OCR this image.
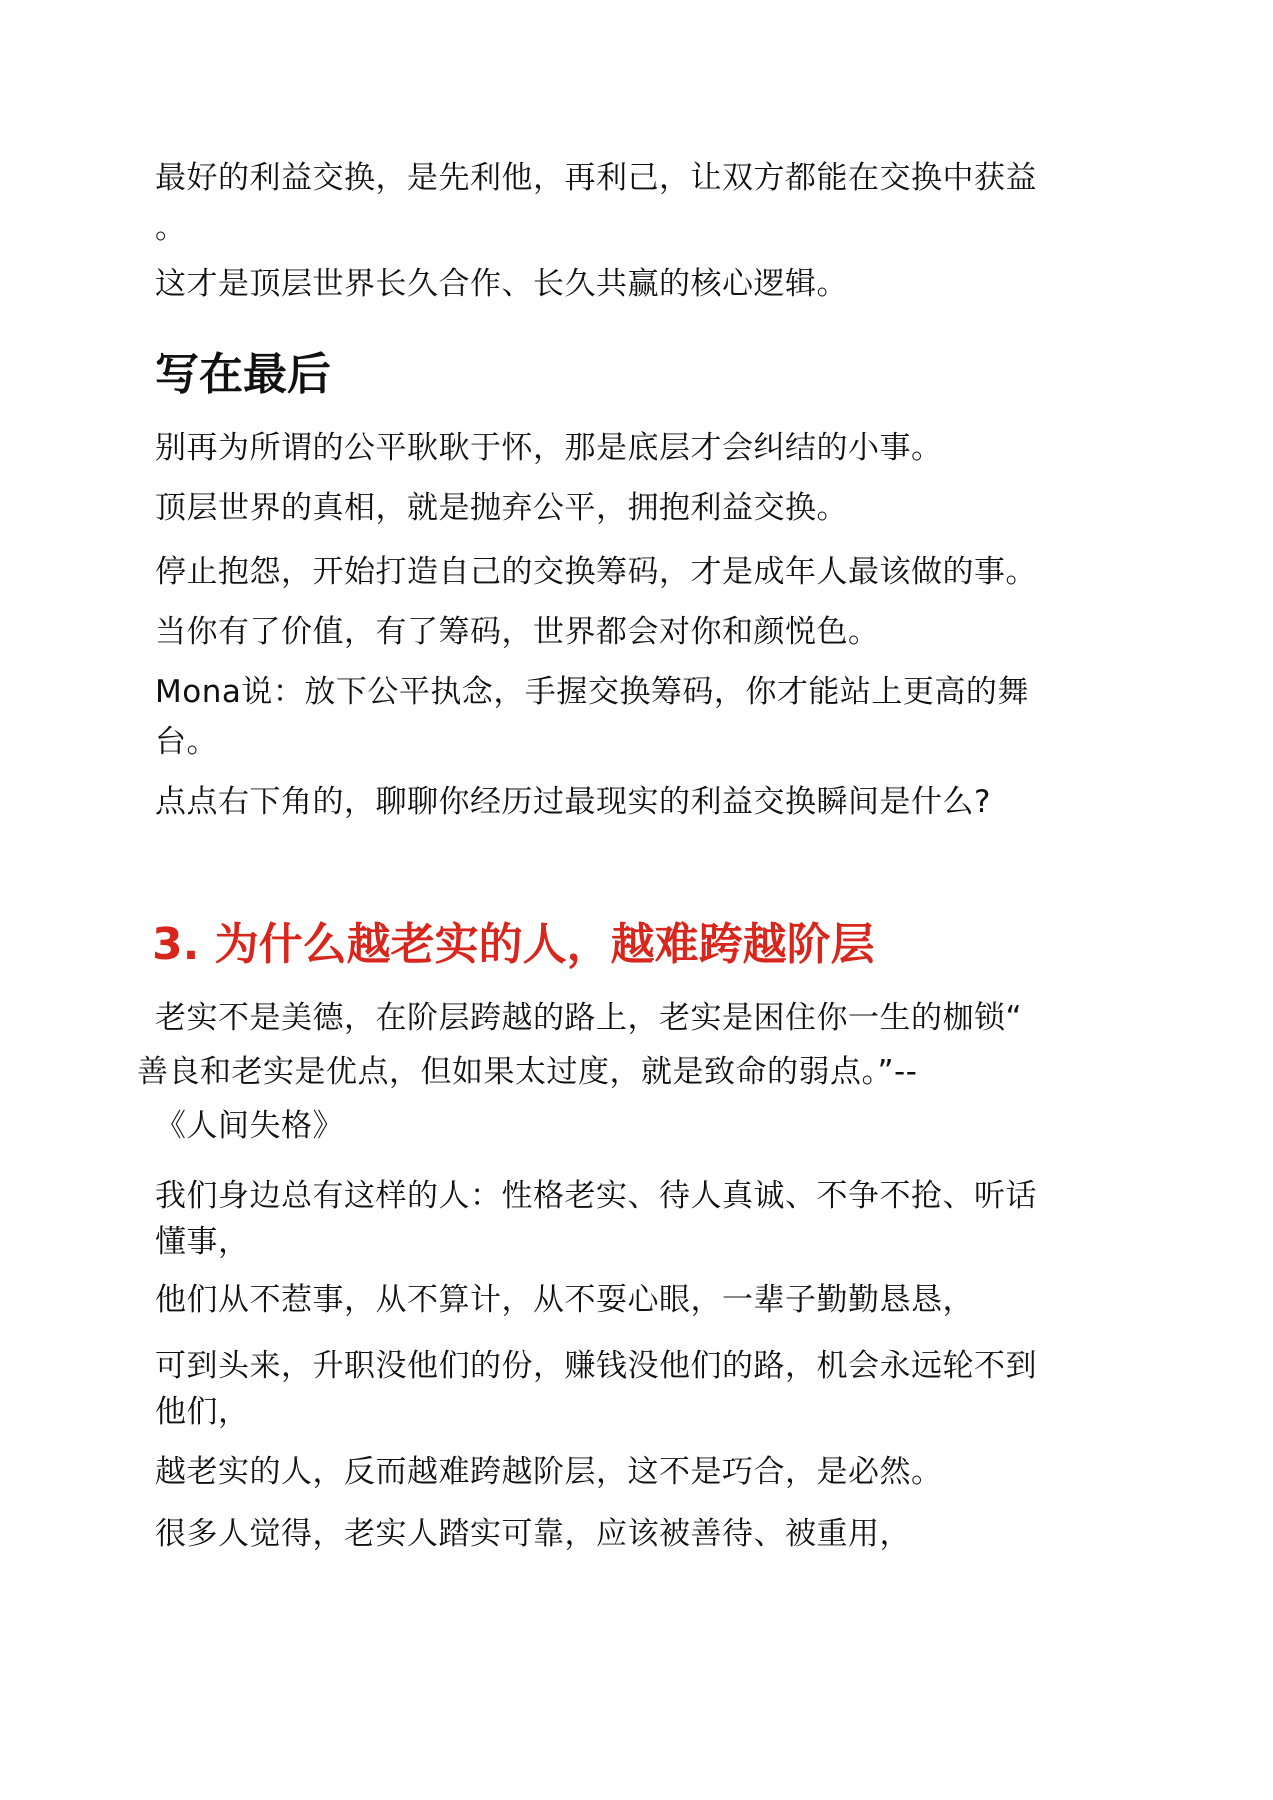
最好的利益交换，是先利他，再利己，让双方都能在交换中获益
。
这才是顶层世界长久合作、长久共赢的核心逻辑。
写在最后
别再为所谓的公平耿耿于怀，那是底层才会纠结的小事。
顶层世界的真相，就是抛弃公平，拥抱利益交换。
停止抱怨，开始打造自己的交换筹码，才是成年人最该做的事。
当你有了价值，有了筹码，世界都会对你和颜悦色。
Mona说：放下公平执念，手握交换筹码，你才能站上更高的舞
台。
点点右下角的，聊聊你经历过最现实的利益交换瞬间是什么?
3. 为什么越老实的人，越难跨越阶层
老实不是美德，在阶层跨越的路上，老实是困住你一生的枷锁“
善良和老实是优点，但如果太过度，就是致命的弱点。”--
《人间失格》
我们身边总有这样的人：性格老实、待人真诚、不争不抢、听话
懂事，
他们从不惹事，从不算计，从不耍心眼，一辈子勤勤恳恳，
可到头来，升职没他们的份，赚钱没他们的路，机会永远轮不到
他们，
越老实的人，反而越难跨越阶层，这不是巧合，是必然。
很多人觉得，老实人踏实可靠，应该被善待、被重用，
